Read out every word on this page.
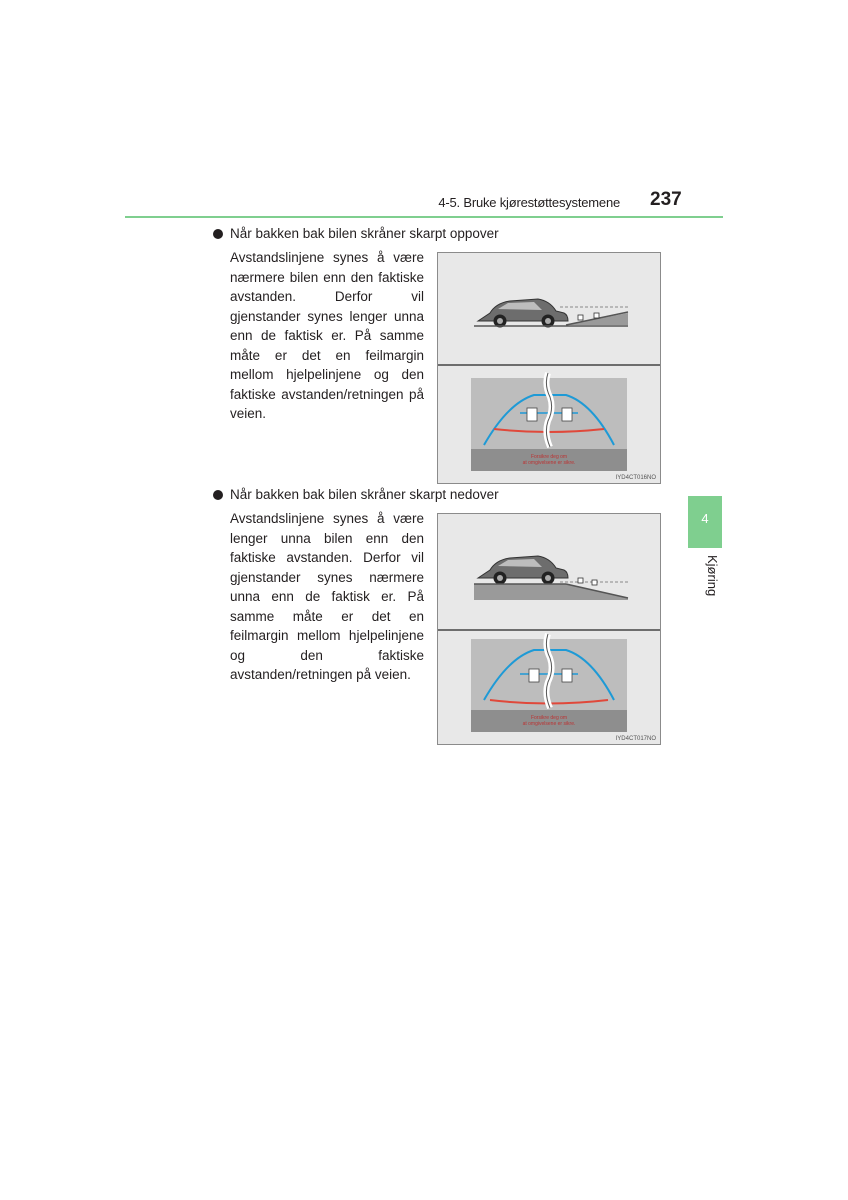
4-5. Bruke kjørestøttesystemene 237
Når bakken bak bilen skråner skarpt oppover
Avstandslinjene synes å være nærmere bilen enn den faktiske avstanden. Derfor vil gjenstander synes lenger unna enn de faktisk er. På samme måte er det en feilmargin mellom hjelpelinjene og den faktiske avstanden/retningen på veien.
Forsikre deg om
at omgivelsene er sikre.
IYD4CT016NO
Når bakken bak bilen skråner skarpt nedover
Avstandslinjene synes å være lenger unna bilen enn den faktiske avstanden. Derfor vil gjenstander synes nærmere unna enn de faktisk er. På samme måte er det en feilmargin mellom hjelpelinjene og den faktiske avstanden/retningen på veien.
Forsikre deg om
at omgivelsene er sikre.
IYD4CT017NO
4
Kjøring
